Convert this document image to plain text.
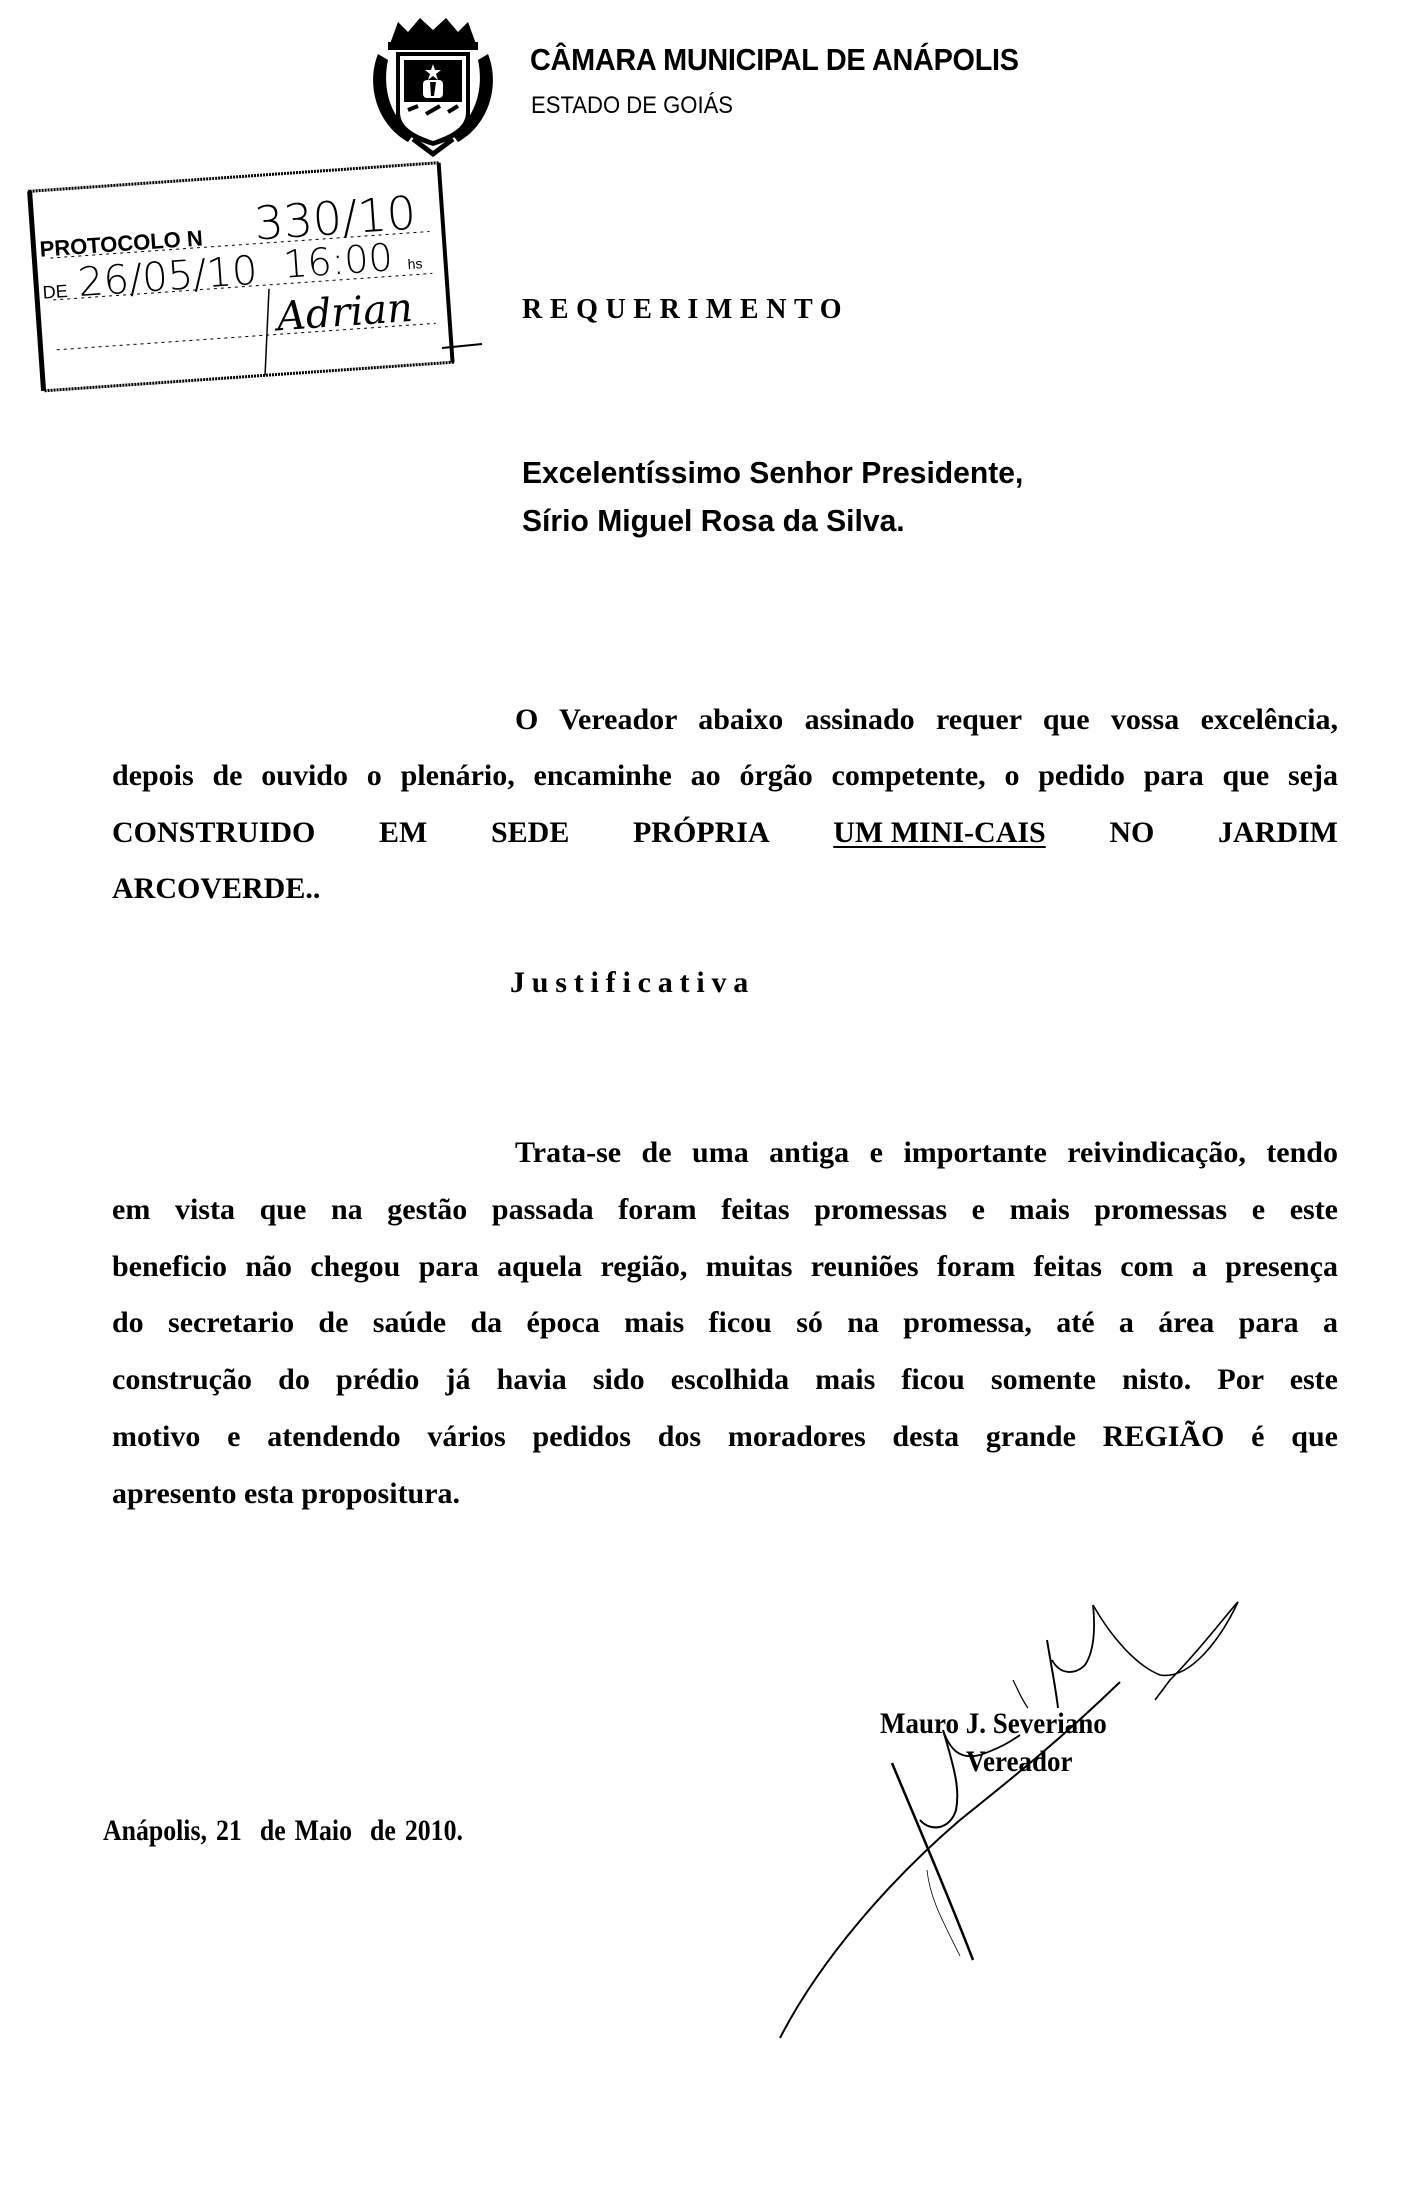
CÂMARA MUNICIPAL DE ANÁPOLIS
ESTADO DE GOIÁS
PROTOCOLO N 330/10
DE 26/05/10 16:00 hs
Adrian	REQUERIMENTO
Excelentíssimo Senhor Presidente,
Sírio Miguel Rosa da Silva.
O Vereador abaixo assinado requer que vossa excelência,
depois de ouvido o plenário, encaminhe ao órgão competente, o pedido para que seja
CONSTRUIDO EM SEDE PRÓPRIA UM MINI-CAIS NO JARDIM
ARCOVERDE..
Justificativa
Trata-se de uma antiga e importante reivindicação, tendo
em vista que na gestão passada foram feitas promessas e mais promessas e este
beneficio não chegou para aquela região, muitas reuniões foram feitas com a presença
do secretario de saúde da época mais ficou só na promessa, até a área para a
construção do prédio já havia sido escolhida mais ficou somente nisto. Por este
motivo e atendendo vários pedidos dos moradores desta grande REGIÃO é que
apresento esta propositura.
Mauro J. Severiano
Vereador
Anápolis, 21  de Maio  de 2010.
